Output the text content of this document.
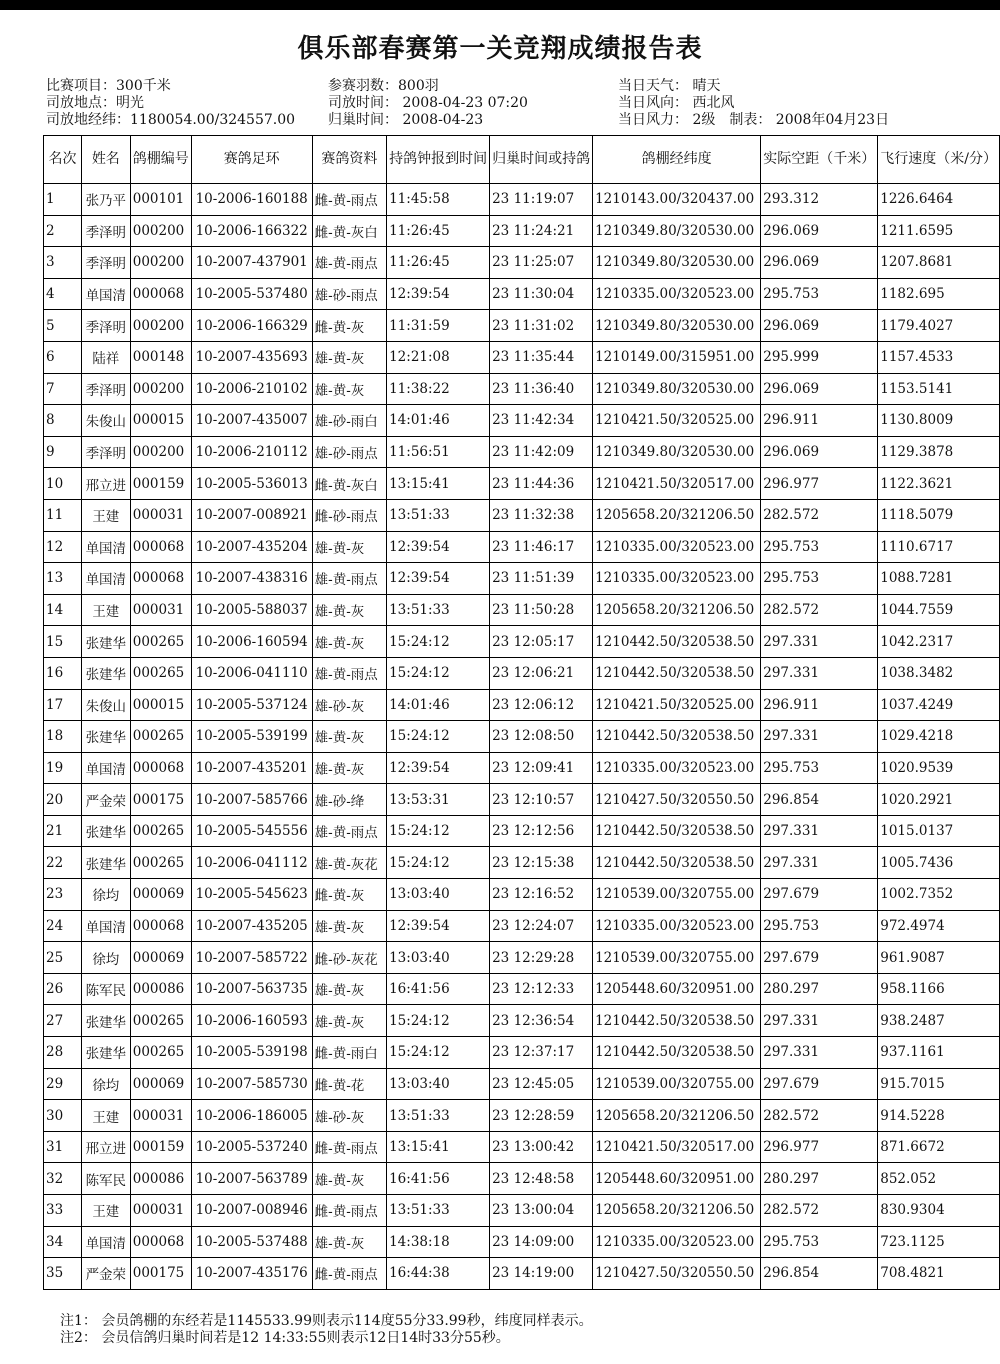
俱乐部春赛第一关竞翔成绩报告表
比赛项目：300千米	参赛羽数：800羽	当日天气： 晴天
司放地点：明光	司放时间： 2008-04-23 07:20	当日风向： 西北风
司放地经纬：1180054.00/324557.00	归巢时间： 2008-04-23	当日风力： 2级 制表： 2008年04月23日
名次	姓名	鸽棚编号	赛鸽足环	赛鸽资料	持鸽钟报到时间	归巢时间或持鸽	鸽棚经纬度	实际空距（千米）	飞行速度（米/分）
1	张乃平	000101	10-2006-160188	雌-黄-雨点	11:45:58	23 11:19:07	1210143.00/320437.00	293.312	1226.6464
2	季泽明	000200	10-2006-166322	雌-黄-灰白	11:26:45	23 11:24:21	1210349.80/320530.00	296.069	1211.6595
3	季泽明	000200	10-2007-437901	雄-黄-雨点	11:26:45	23 11:25:07	1210349.80/320530.00	296.069	1207.8681
4	单国清	000068	10-2005-537480	雄-砂-雨点	12:39:54	23 11:30:04	1210335.00/320523.00	295.753	1182.695
5	季泽明	000200	10-2006-166329	雌-黄-灰	11:31:59	23 11:31:02	1210349.80/320530.00	296.069	1179.4027
6	陆祥	000148	10-2007-435693	雄-黄-灰	12:21:08	23 11:35:44	1210149.00/315951.00	295.999	1157.4533
7	季泽明	000200	10-2006-210102	雄-黄-灰	11:38:22	23 11:36:40	1210349.80/320530.00	296.069	1153.5141
8	朱俊山	000015	10-2007-435007	雄-砂-雨白	14:01:46	23 11:42:34	1210421.50/320525.00	296.911	1130.8009
9	季泽明	000200	10-2006-210112	雄-砂-雨点	11:56:51	23 11:42:09	1210349.80/320530.00	296.069	1129.3878
10	邢立进	000159	10-2005-536013	雌-黄-灰白	13:15:41	23 11:44:36	1210421.50/320517.00	296.977	1122.3621
11	王建	000031	10-2007-008921	雌-砂-雨点	13:51:33	23 11:32:38	1205658.20/321206.50	282.572	1118.5079
12	单国清	000068	10-2007-435204	雄-黄-灰	12:39:54	23 11:46:17	1210335.00/320523.00	295.753	1110.6717
13	单国清	000068	10-2007-438316	雄-黄-雨点	12:39:54	23 11:51:39	1210335.00/320523.00	295.753	1088.7281
14	王建	000031	10-2005-588037	雄-黄-灰	13:51:33	23 11:50:28	1205658.20/321206.50	282.572	1044.7559
15	张建华	000265	10-2006-160594	雄-黄-灰	15:24:12	23 12:05:17	1210442.50/320538.50	297.331	1042.2317
16	张建华	000265	10-2006-041110	雄-黄-雨点	15:24:12	23 12:06:21	1210442.50/320538.50	297.331	1038.3482
17	朱俊山	000015	10-2005-537124	雄-砂-灰	14:01:46	23 12:06:12	1210421.50/320525.00	296.911	1037.4249
18	张建华	000265	10-2005-539199	雄-黄-灰	15:24:12	23 12:08:50	1210442.50/320538.50	297.331	1029.4218
19	单国清	000068	10-2007-435201	雄-黄-灰	12:39:54	23 12:09:41	1210335.00/320523.00	295.753	1020.9539
20	严金荣	000175	10-2007-585766	雄-砂-绛	13:53:31	23 12:10:57	1210427.50/320550.50	296.854	1020.2921
21	张建华	000265	10-2005-545556	雄-黄-雨点	15:24:12	23 12:12:56	1210442.50/320538.50	297.331	1015.0137
22	张建华	000265	10-2006-041112	雄-黄-灰花	15:24:12	23 12:15:38	1210442.50/320538.50	297.331	1005.7436
23	徐均	000069	10-2005-545623	雌-黄-灰	13:03:40	23 12:16:52	1210539.00/320755.00	297.679	1002.7352
24	单国清	000068	10-2007-435205	雄-黄-灰	12:39:54	23 12:24:07	1210335.00/320523.00	295.753	972.4974
25	徐均	000069	10-2007-585722	雌-砂-灰花	13:03:40	23 12:29:28	1210539.00/320755.00	297.679	961.9087
26	陈军民	000086	10-2007-563735	雄-黄-灰	16:41:56	23 12:12:33	1205448.60/320951.00	280.297	958.1166
27	张建华	000265	10-2006-160593	雄-黄-灰	15:24:12	23 12:36:54	1210442.50/320538.50	297.331	938.2487
28	张建华	000265	10-2005-539198	雌-黄-雨白	15:24:12	23 12:37:17	1210442.50/320538.50	297.331	937.1161
29	徐均	000069	10-2007-585730	雌-黄-花	13:03:40	23 12:45:05	1210539.00/320755.00	297.679	915.7015
30	王建	000031	10-2006-186005	雄-砂-灰	13:51:33	23 12:28:59	1205658.20/321206.50	282.572	914.5228
31	邢立进	000159	10-2005-537240	雌-黄-雨点	13:15:41	23 13:00:42	1210421.50/320517.00	296.977	871.6672
32	陈军民	000086	10-2007-563789	雄-黄-灰	16:41:56	23 12:48:58	1205448.60/320951.00	280.297	852.052
33	王建	000031	10-2007-008946	雌-黄-雨点	13:51:33	23 13:00:04	1205658.20/321206.50	282.572	830.9304
34	单国清	000068	10-2005-537488	雄-黄-灰	14:38:18	23 14:09:00	1210335.00/320523.00	295.753	723.1125
35	严金荣	000175	10-2007-435176	雌-黄-雨点	16:44:38	23 14:19:00	1210427.50/320550.50	296.854	708.4821
注1： 会员鸽棚的东经若是1145533.99则表示114度55分33.99秒，纬度同样表示。
注2： 会员信鸽归巢时间若是12 14:33:55则表示12日14时33分55秒。
